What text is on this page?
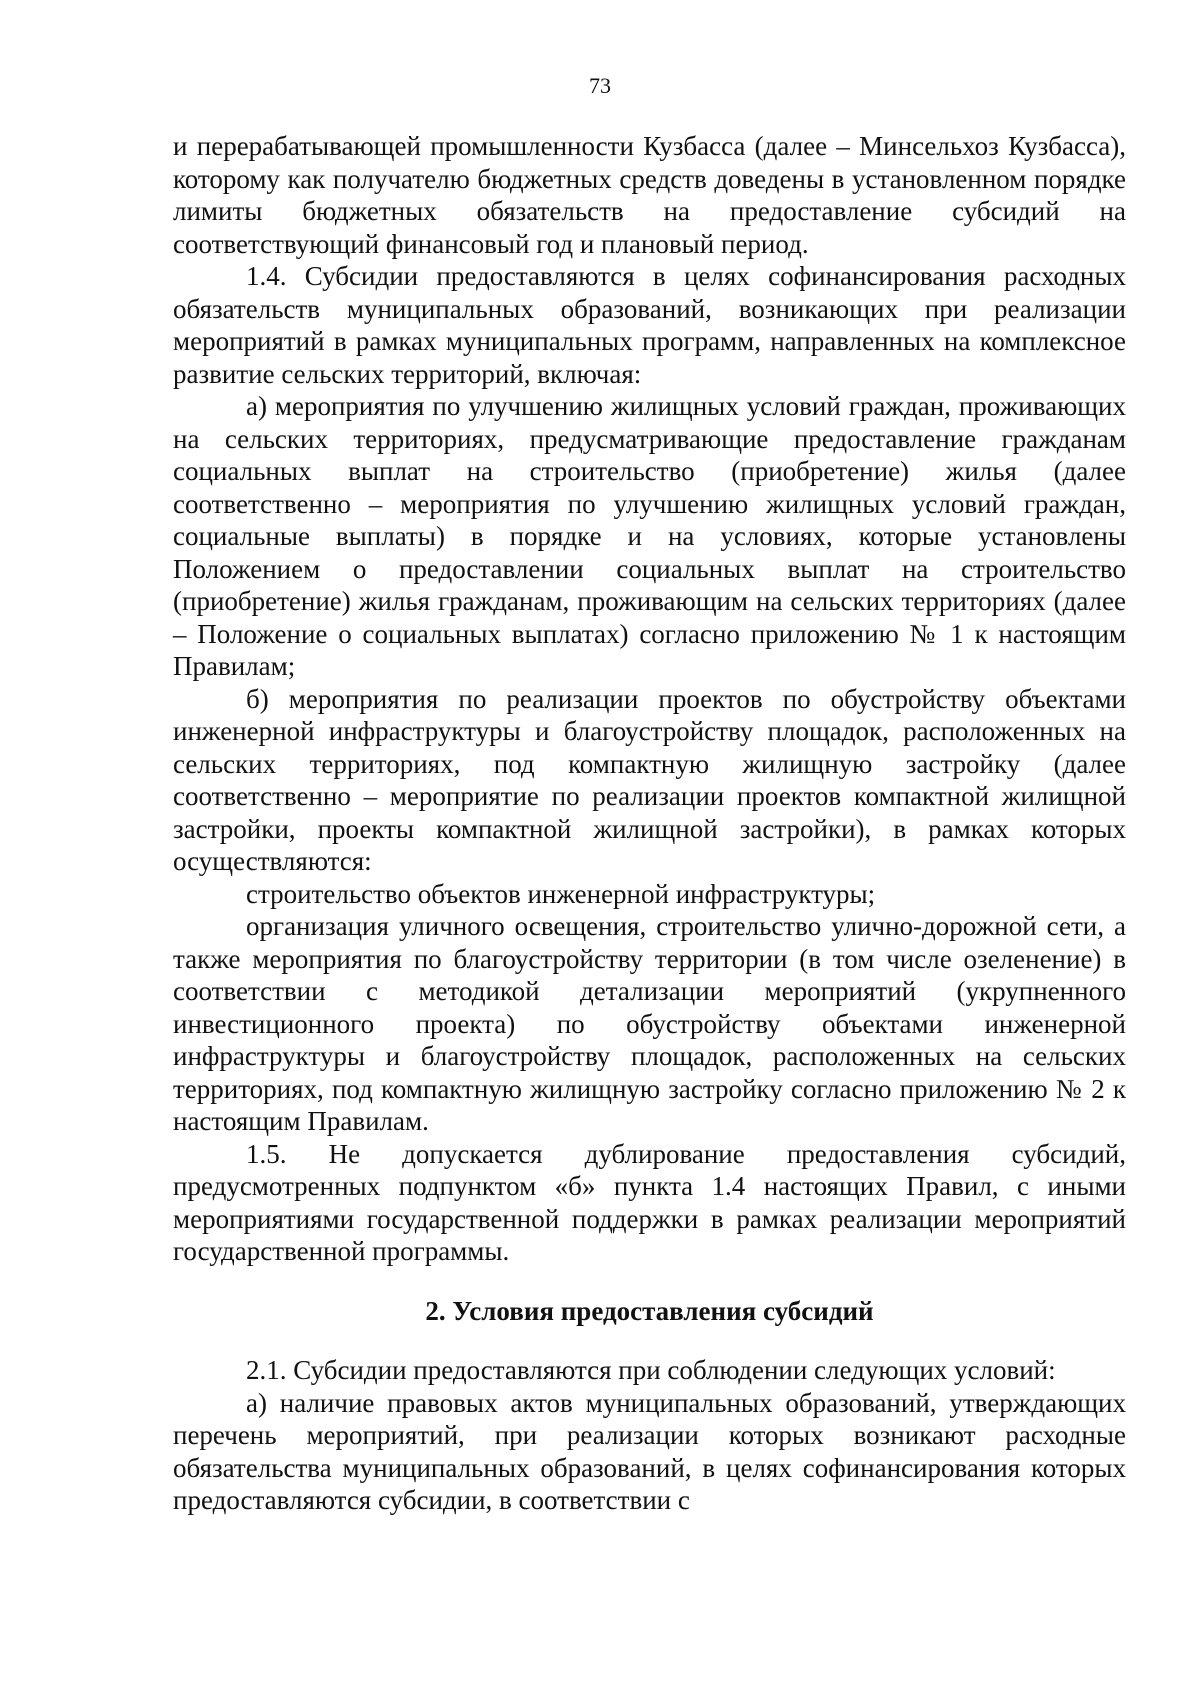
73

и перерабатывающей промышленности Кузбасса (далее – Минсельхоз Кузбасса), которому как получателю бюджетных средств доведены в установленном порядке лимиты бюджетных обязательств на предоставление субсидий на соответствующий финансовый год и плановый период.

1.4. Субсидии предоставляются в целях софинансирования расходных обязательств муниципальных образований, возникающих при реализации мероприятий в рамках муниципальных программ, направленных на комплексное развитие сельских территорий, включая:

а) мероприятия по улучшению жилищных условий граждан, проживающих на сельских территориях, предусматривающие предоставление гражданам социальных выплат на строительство (приобретение) жилья (далее соответственно – мероприятия по улучшению жилищных условий граждан, социальные выплаты) в порядке и на условиях, которые установлены Положением о предоставлении социальных выплат на строительство (приобретение) жилья гражданам, проживающим на сельских территориях (далее – Положение о социальных выплатах) согласно приложению № 1 к настоящим Правилам;

б) мероприятия по реализации проектов по обустройству объектами инженерной инфраструктуры и благоустройству площадок, расположенных на сельских территориях, под компактную жилищную застройку (далее соответственно – мероприятие по реализации проектов компактной жилищной застройки, проекты компактной жилищной застройки), в рамках которых осуществляются:

строительство объектов инженерной инфраструктуры;

организация уличного освещения, строительство улично-дорожной сети, а также мероприятия по благоустройству территории (в том числе озеленение) в соответствии с методикой детализации мероприятий (укрупненного инвестиционного проекта) по обустройству объектами инженерной инфраструктуры и благоустройству площадок, расположенных на сельских территориях, под компактную жилищную застройку согласно приложению № 2 к настоящим Правилам.

1.5. Не допускается дублирование предоставления субсидий, предусмотренных подпунктом «б» пункта 1.4 настоящих Правил, с иными мероприятиями государственной поддержки в рамках реализации мероприятий государственной программы.

2. Условия предоставления субсидий

2.1. Субсидии предоставляются при соблюдении следующих условий:

а) наличие правовых актов муниципальных образований, утверждающих перечень мероприятий, при реализации которых возникают расходные обязательства муниципальных образований, в целях софинансирования которых предоставляются субсидии, в соответствии с
